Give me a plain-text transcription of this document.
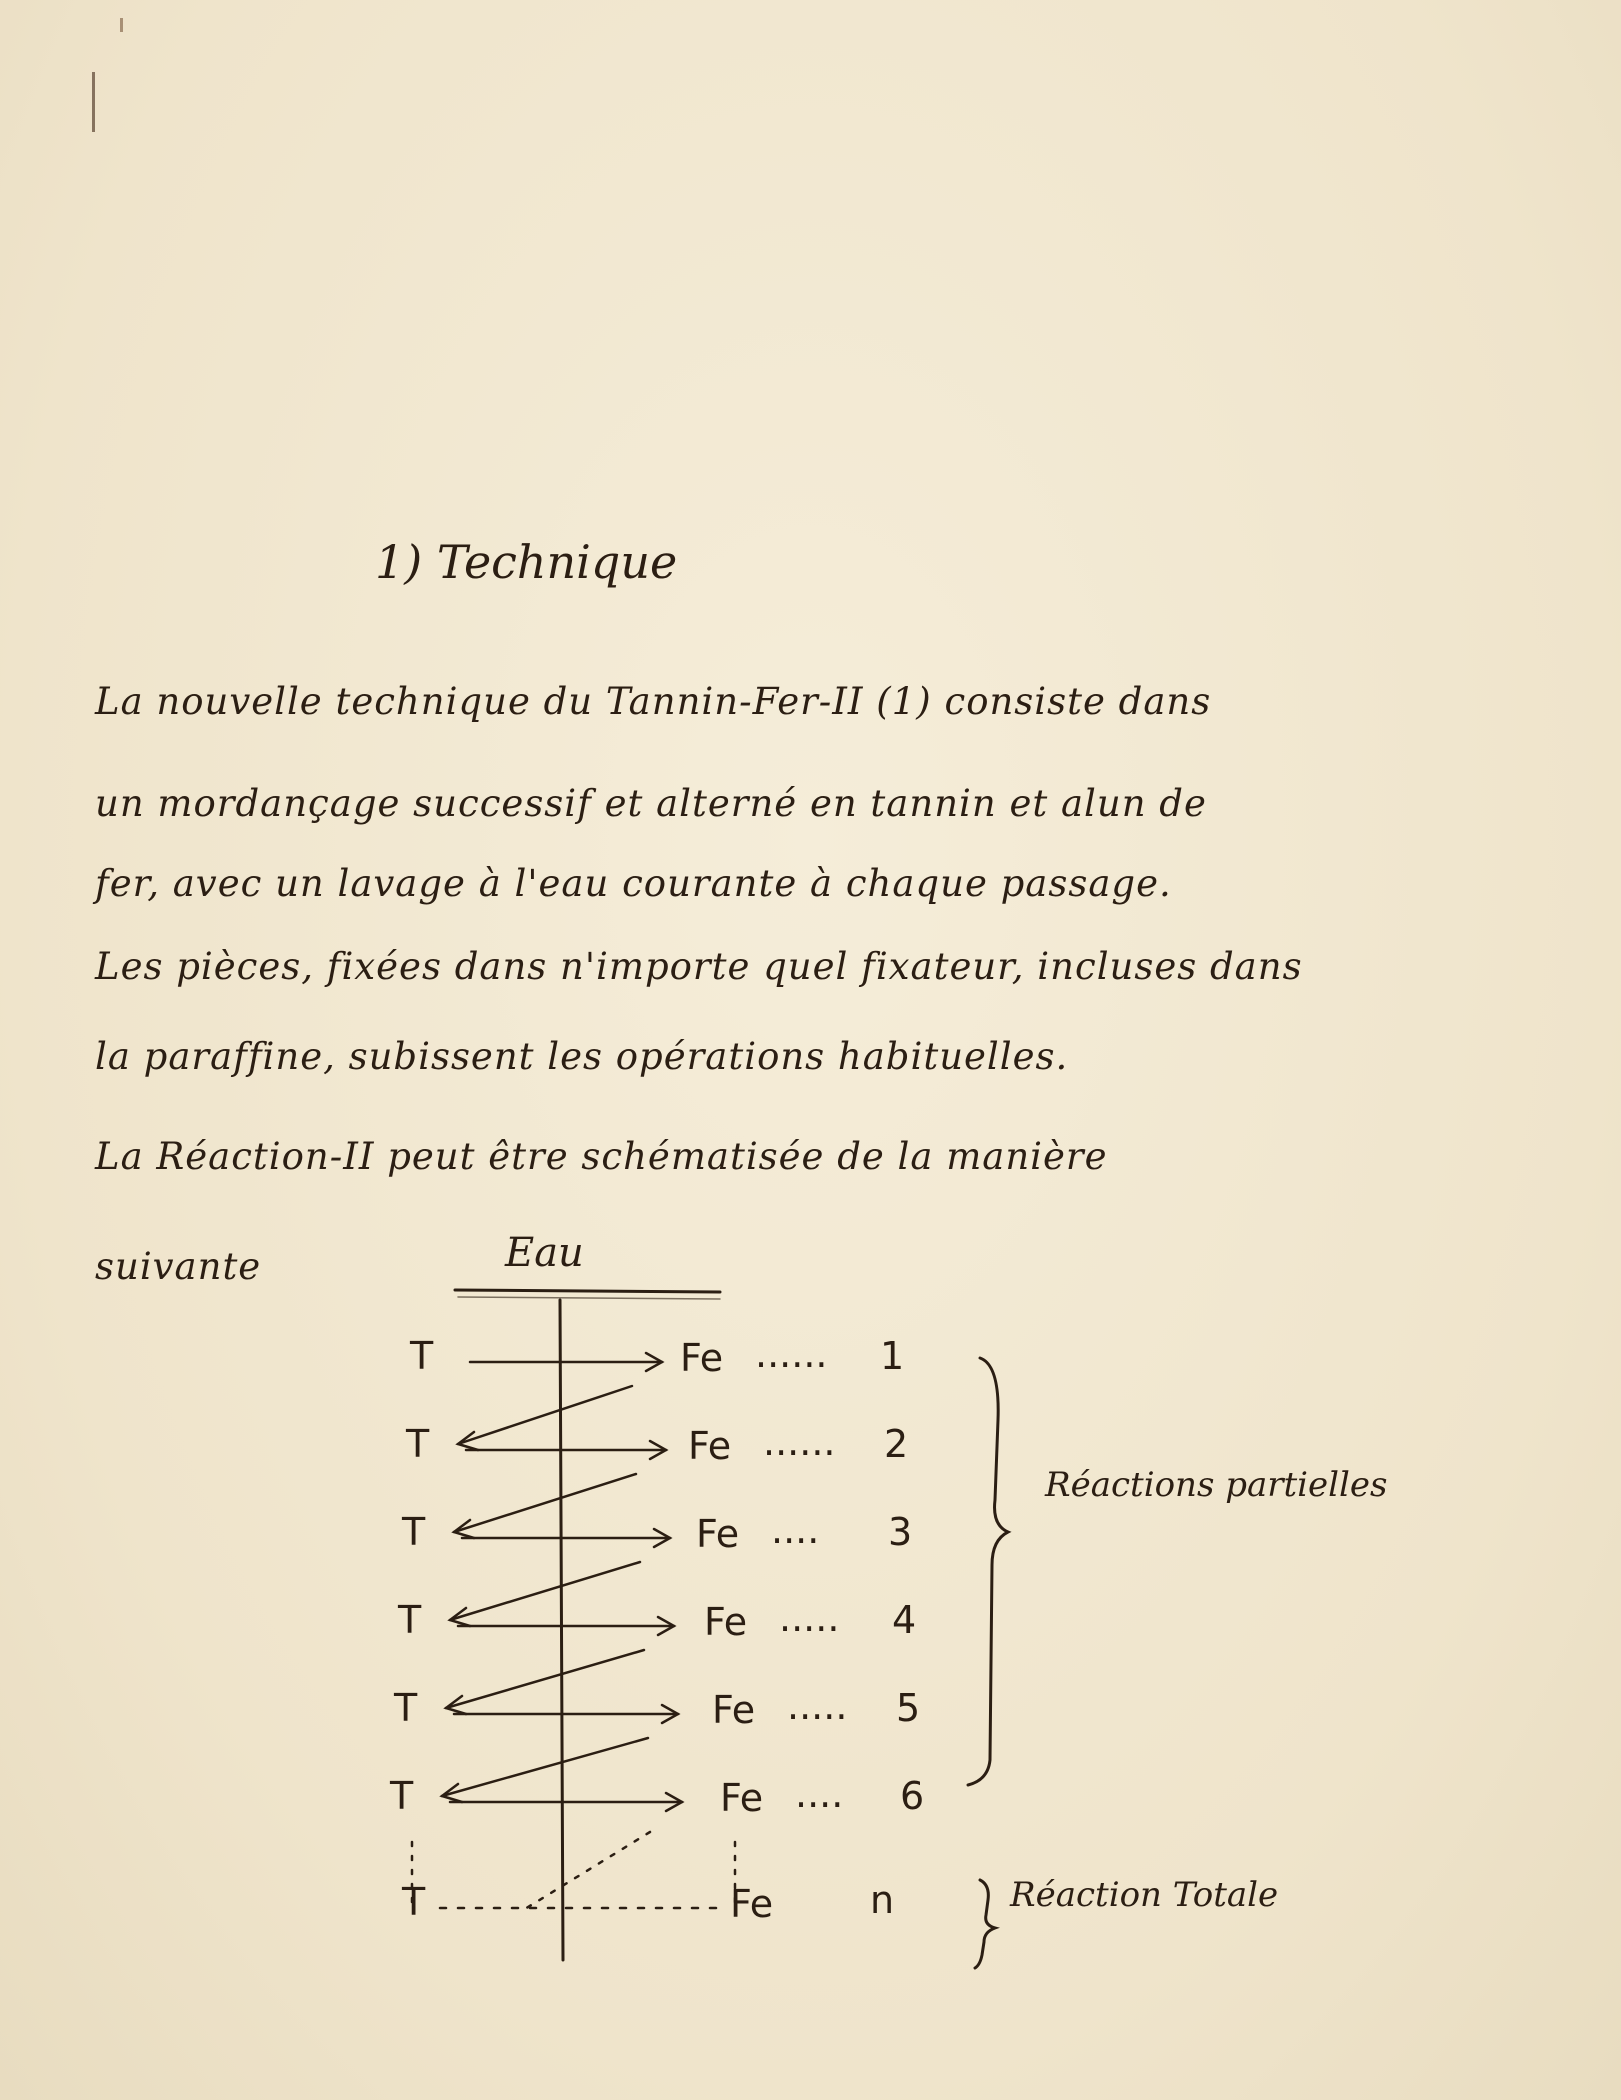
1) Technique
La nouvelle technique du Tannin-Fer-II (1) consiste dans
un mordançage successif et alterné en tannin et alun de
fer, avec un lavage à l'eau courante à chaque passage.
Les pièces, fixées dans n'importe quel fixateur, incluses dans
la paraffine, subissent les opérations habituelles.
La Réaction-II peut être schématisée de la manière
suivante	Eau
Réactions partielles
Réaction Totale
T	Fe ...... 1
T	Fe ...... 2
T	Fe .... 3
T	Fe ..... 4
T	Fe ..... 5
T	Fe .... 6
T	Fe	n
